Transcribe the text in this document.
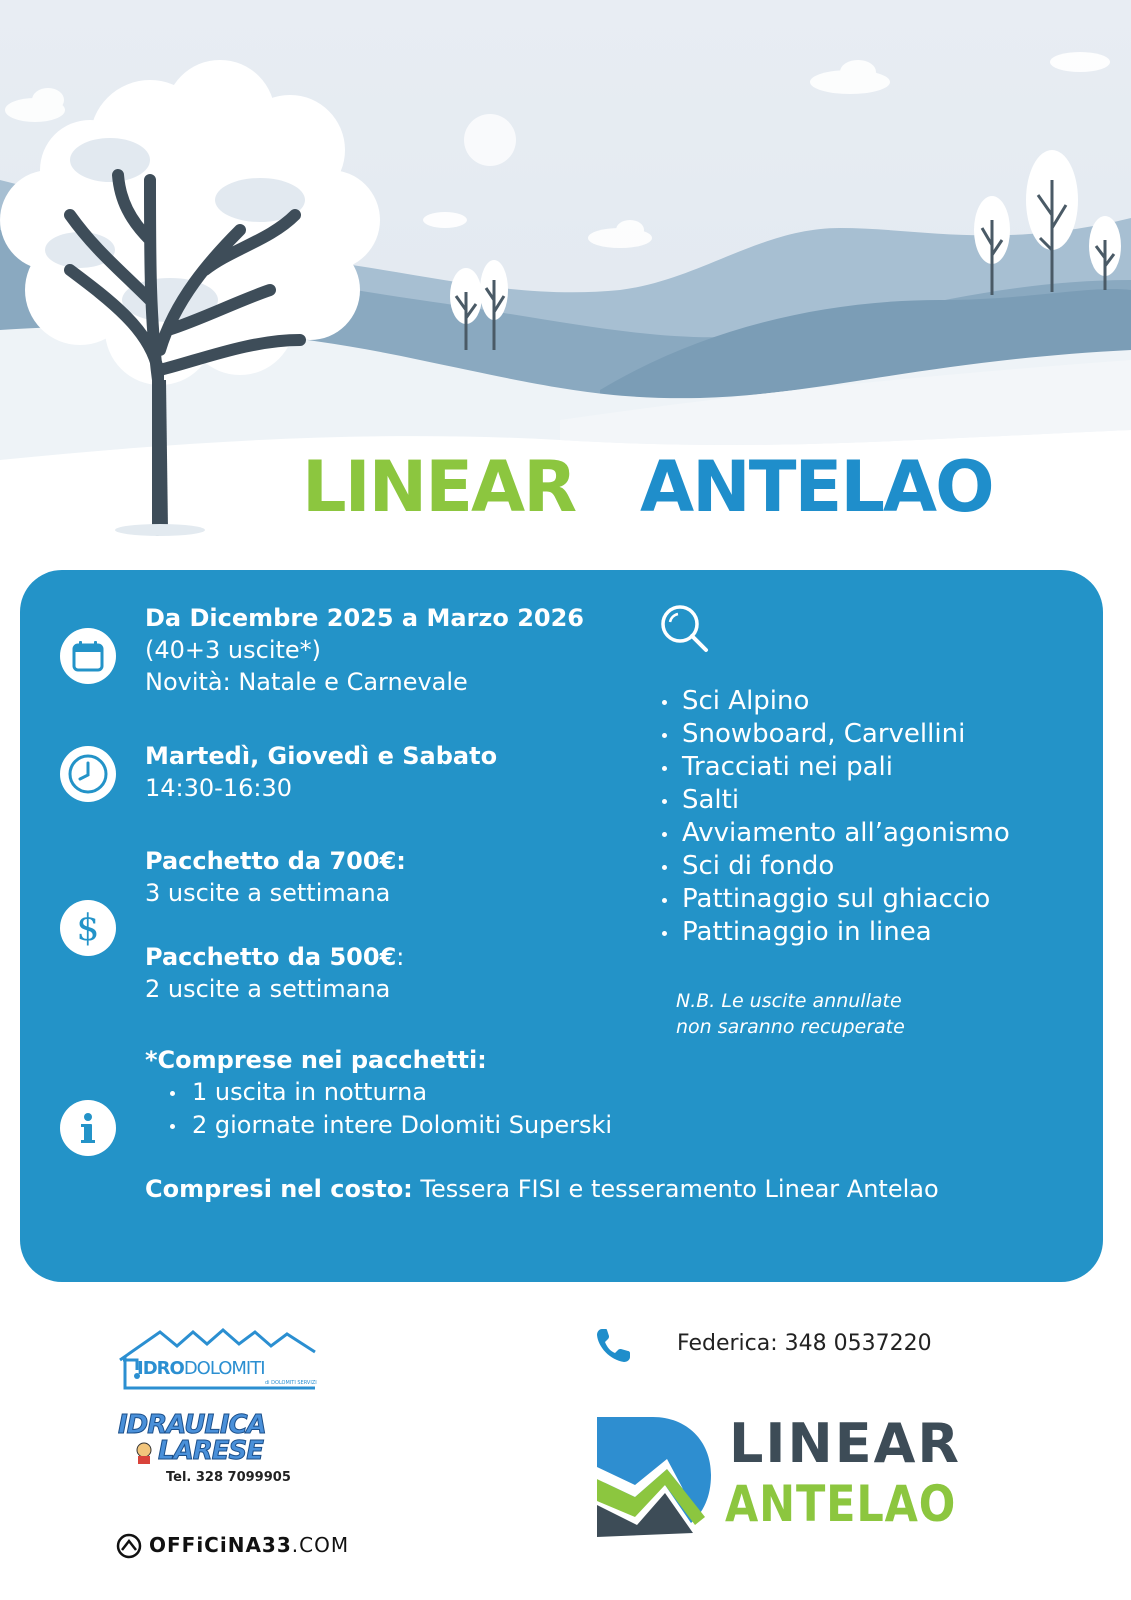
LINEAR ANTELAO
Da Dicembre 2025 a Marzo 2026
(40+3 uscite*)
Novità: Natale e Carnevale
Martedì, Giovedì e Sabato
14:30-16:30
$
Pacchetto da 700€:
3 uscite a settimana
Pacchetto da 500€:
2 uscite a settimana
*Comprese nei pacchetti:
1 uscita in notturna
2 giornate intere Dolomiti Superski
Compresi nel costo: Tessera FISI e tesseramento Linear Antelao
Sci Alpino
Snowboard, Carvellini
Tracciati nei pali
Salti
Avviamento all’agonismo
Sci di fondo
Pattinaggio sul ghiaccio
Pattinaggio in linea
N.B. Le uscite annullate
non saranno recuperate
IDRODOLOMITI
di DOLOMITI SERVIZI
IDRAULICA
LARESE
Tel. 328 7099905
OFFiCiNA33.COM
Federica: 348 0537220
LINEAR
ANTELAO
